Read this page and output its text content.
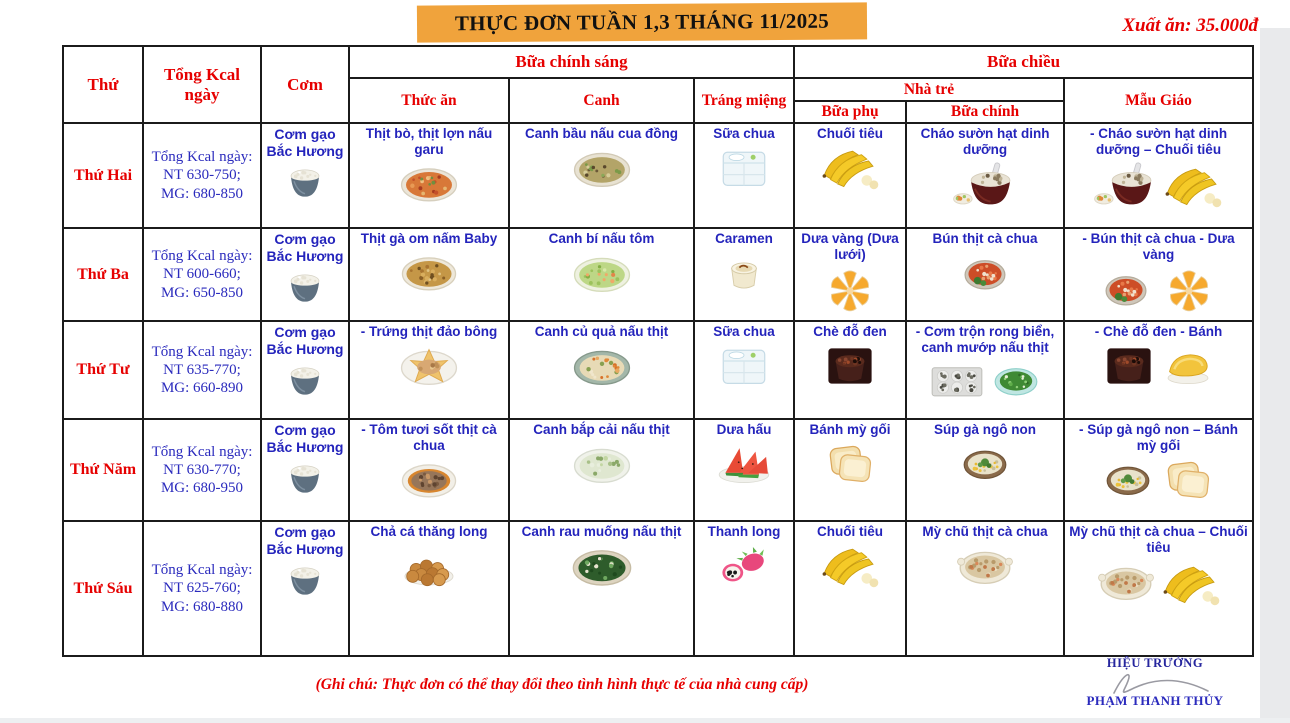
THỰC ĐƠN TUẦN 1,3 THÁNG 11/2025	Xuất ăn: 35.000đ
Thứ	Tổng Kcal ngày	Cơm	Bữa chính sáng			Bữa chiều		
			Thức ăn	Canh	Tráng miệng	Nhà trẻ		Mẫu Giáo
						Bữa phụ	Bữa chính	
Thứ Hai	Tổng Kcal ngày:
NT 630-750;
MG: 680-850	Cơm gạo Bắc Hương	Thịt bò, thịt lợn nấu garu	Canh bầu nấu cua đồng	Sữa chua	Chuối tiêu	Cháo sườn hạt dinh dưỡng	- Cháo sườn hạt dinh dưỡng – Chuối tiêu

Thứ Ba	Tổng Kcal ngày:
NT 600-660;
MG: 650-850	Cơm gạo Bắc Hương	Thịt gà om nấm Baby	Canh bí nấu tôm	Caramen	Dưa vàng (Dưa lưới)	Bún thịt cà chua	- Bún thịt cà chua - Dưa vàng

Thứ Tư	Tổng Kcal ngày:
NT 635-770;
MG: 660-890	Cơm gạo Bắc Hương	- Trứng thịt đảo bông	Canh củ quả nấu thịt	Sữa chua	Chè đỗ đen	- Cơm trộn rong biển, canh mướp nấu thịt	- Chè đỗ đen - Bánh

Thứ Năm	Tổng Kcal ngày:
NT 630-770;
MG: 680-950	Cơm gạo Bắc Hương	- Tôm tươi sốt thịt cà chua	Canh bắp cải nấu thịt	Dưa hấu	Bánh mỳ gối	Súp gà ngô non	- Súp gà ngô non – Bánh mỳ gối

Thứ Sáu	Tổng Kcal ngày:
NT 625-760;
MG: 680-880	Cơm gạo Bắc Hương	Chả cá thăng long	Canh rau muống nấu thịt	Thanh long	Chuối tiêu	Mỳ chũ thịt cà chua	Mỳ chũ thịt cà chua – Chuối tiêu
(Ghi chú: Thực đơn có thể thay đổi theo tình hình thực tế của nhà cung cấp)
HIỆU TRƯỞNG
PHẠM THANH THỦY
